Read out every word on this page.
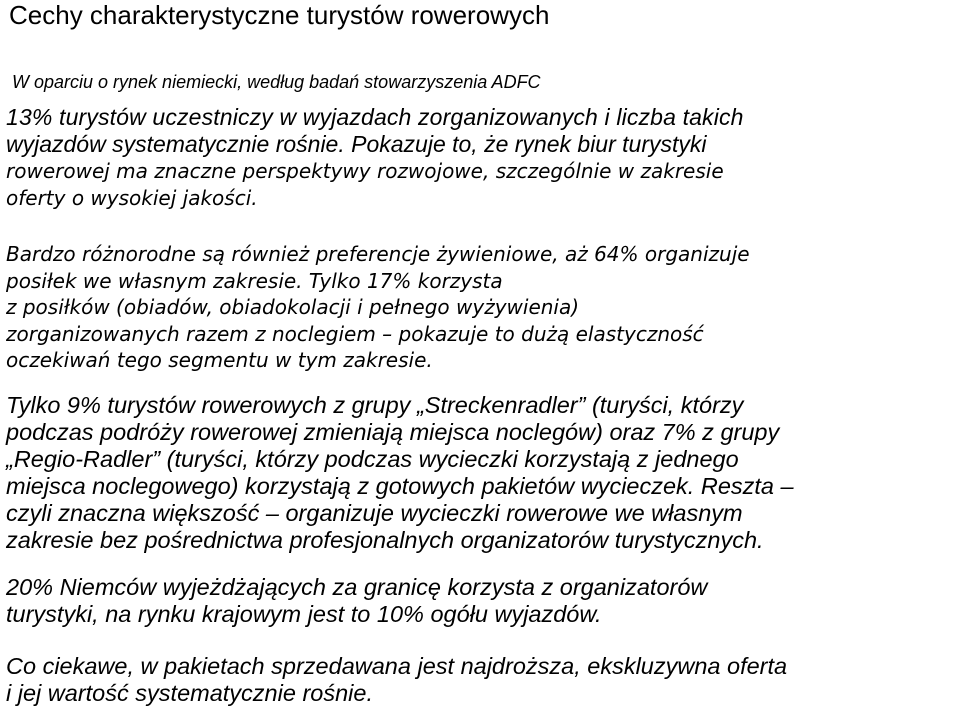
Cechy charakterystyczne turystów rowerowych
W oparciu o rynek niemiecki, według badań stowarzyszenia ADFC

13% turystów uczestniczy w wyjazdach zorganizowanych i liczba takich
wyjazdów systematycznie rośnie. Pokazuje to, że rynek biur turystyki
rowerowej ma znaczne perspektywy rozwojowe, szczególnie w zakresie
oferty o wysokiej jakości.

Bardzo różnorodne są również preferencje żywieniowe, aż 64% organizuje
posiłek we własnym zakresie. Tylko 17% korzysta
z posiłków (obiadów, obiadokolacji i pełnego wyżywienia)
zorganizowanych razem z noclegiem – pokazuje to dużą elastyczność
oczekiwań tego segmentu w tym zakresie.

Tylko 9% turystów rowerowych z grupy „Streckenradler” (turyści, którzy
podczas podróży rowerowej zmieniają miejsca noclegów) oraz 7% z grupy
„Regio-Radler” (turyści, którzy podczas wycieczki korzystają z jednego
miejsca noclegowego) korzystają z gotowych pakietów wycieczek. Reszta –
czyli znaczna większość – organizuje wycieczki rowerowe we własnym
zakresie bez pośrednictwa profesjonalnych organizatorów turystycznych.

20% Niemców wyjeżdżających za granicę korzysta z organizatorów
turystyki, na rynku krajowym jest to 10% ogółu wyjazdów.

Co ciekawe, w pakietach sprzedawana jest najdroższa, ekskluzywna oferta
i jej wartość systematycznie rośnie.
